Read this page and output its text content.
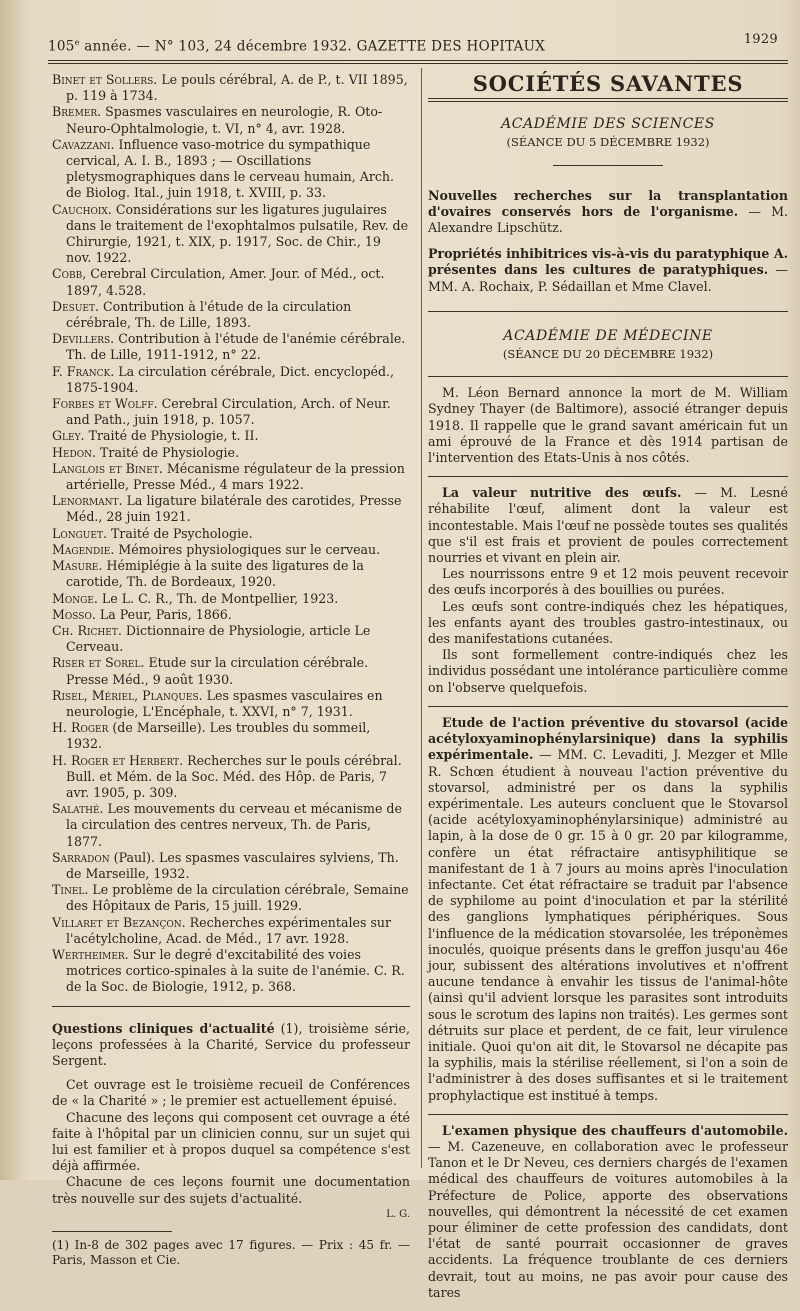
105e année. — N° 103, 24 décembre 1932. GAZETTE DES HOPITAUX	1929

Binet et Sollers. Le pouls cérébral, A. de P., t. VII 1895, p. 119 à 1734.

Bremer. Spasmes vasculaires en neurologie, R. Oto-Neuro-Ophtalmologie, t. VI, n° 4, avr. 1928.

Cavazzani. Influence vaso-motrice du sympathique cervical, A. I. B., 1893 ; — Oscillations pletysmographiques dans le cerveau humain, Arch. de Biolog. Ital., juin 1918, t. XVIII, p. 33.

Cauchoix. Considérations sur les ligatures jugulaires dans le traitement de l'exophtalmos pulsatile, Rev. de Chirurgie, 1921, t. XIX, p. 1917, Soc. de Chir., 19 nov. 1922.

Cobb, Cerebral Circulation, Amer. Jour. of Méd., oct. 1897, 4.528.

Desuet. Contribution à l'étude de la circulation cérébrale, Th. de Lille, 1893.

Devillers. Contribution à l'étude de l'anémie cérébrale. Th. de Lille, 1911-1912, n° 22.

F. Franck. La circulation cérébrale, Dict. encyclopéd., 1875-1904.

Forbes et Wolff. Cerebral Circulation, Arch. of Neur. and Path., juin 1918, p. 1057.

Gley. Traité de Physiologie, t. II.

Hedon. Traité de Physiologie.

Langlois et Binet. Mécanisme régulateur de la pression artérielle, Presse Méd., 4 mars 1922.

Lenormant. La ligature bilatérale des carotides, Presse Méd., 28 juin 1921.

Longuet. Traité de Psychologie.

Magendie. Mémoires physiologiques sur le cerveau.

Masure. Hémiplégie à la suite des ligatures de la carotide, Th. de Bordeaux, 1920.

Monge. Le L. C. R., Th. de Montpellier, 1923.

Mosso. La Peur, Paris, 1866.

Ch. Richet. Dictionnaire de Physiologie, article Le Cerveau.

Riser et Sorel. Etude sur la circulation cérébrale. Presse Méd., 9 août 1930.

Risel, Mériel, Planques. Les spasmes vasculaires en neurologie, L'Encéphale, t. XXVI, n° 7, 1931.

H. Roger (de Marseille). Les troubles du sommeil, 1932.

H. Roger et Herbert. Recherches sur le pouls cérébral. Bull. et Mém. de la Soc. Méd. des Hôp. de Paris, 7 avr. 1905, p. 309.

Salathé. Les mouvements du cerveau et mécanisme de la circulation des centres nerveux, Th. de Paris, 1877.

Sarradon (Paul). Les spasmes vasculaires sylviens, Th. de Marseille, 1932.

Tinel. Le problème de la circulation cérébrale, Semaine des Hôpitaux de Paris, 15 juill. 1929.

Villaret et Bezançon. Recherches expérimentales sur l'acétylcholine, Acad. de Méd., 17 avr. 1928.

Wertheimer. Sur le degré d'excitabilité des voies motrices cortico-spinales à la suite de l'anémie. C. R. de la Soc. de Biologie, 1912, p. 368.

Questions cliniques d'actualité (1), troisième série, leçons professées à la Charité, Service du professeur Sergent.

Cet ouvrage est le troisième recueil de Conférences de « la Charité » ; le premier est actuellement épuisé.

Chacune des leçons qui composent cet ouvrage a été faite à l'hôpital par un clinicien connu, sur un sujet qui lui est familier et à propos duquel sa compétence s'est déjà affirmée.

Chacune de ces leçons fournit une documentation très nouvelle sur des sujets d'actualité.

L. G.

(1) In-8 de 302 pages avec 17 figures. — Prix : 45 fr. — Paris, Masson et Cie.

SOCIÉTÉS SAVANTES
ACADÉMIE DES SCIENCES
(SÉANCE DU 5 DÉCEMBRE 1932)
Nouvelles recherches sur la transplantation d'ovaires conservés hors de l'organisme. — M. Alexandre Lipschütz.
Propriétés inhibitrices vis-à-vis du paratyphique A. présentes dans les cultures de paratyphiques. — MM. A. Rochaix, P. Sédaillan et Mme Clavel.
ACADÉMIE DE MÉDECINE
(SÉANCE DU 20 DÉCEMBRE 1932)

M. Léon Bernard annonce la mort de M. William Sydney Thayer (de Baltimore), associé étranger depuis 1918. Il rappelle que le grand savant américain fut un ami éprouvé de la France et dès 1914 partisan de l'intervention des Etats-Unis à nos côtés.

La valeur nutritive des œufs. — M. Lesné réhabilite l'œuf, aliment dont la valeur est incontestable. Mais l'œuf ne possède toutes ses qualités que s'il est frais et provient de poules correctement nourries et vivant en plein air.

Les nourrissons entre 9 et 12 mois peuvent recevoir des œufs incorporés à des bouillies ou purées.

Les œufs sont contre-indiqués chez les hépatiques, les enfants ayant des troubles gastro-intestinaux, ou des manifestations cutanées.

Ils sont formellement contre-indiqués chez les individus possédant une intolérance particulière comme on l'observe quelquefois.

Etude de l'action préventive du stovarsol (acide acétyloxyaminophénylarsinique) dans la syphilis expérimentale. — MM. C. Levaditi, J. Mezger et Mlle R. Schœn étudient à nouveau l'action préventive du stovarsol, administré per os dans la syphilis expérimentale. Les auteurs concluent que le Stovarsol (acide acétyloxyaminophénylarsinique) administré au lapin, à la dose de 0 gr. 15 à 0 gr. 20 par kilogramme, confère un état réfractaire antisyphilitique se manifestant de 1 à 7 jours au moins après l'inoculation infectante. Cet état réfractaire se traduit par l'absence de syphilome au point d'inoculation et par la stérilité des ganglions lymphatiques périphériques. Sous l'influence de la médication stovarsolée, les tréponèmes inoculés, quoique présents dans le greffon jusqu'au 46e jour, subissent des altérations involutives et n'offrent aucune tendance à envahir les tissus de l'animal-hôte (ainsi qu'il advient lorsque les parasites sont introduits sous le scrotum des lapins non traités). Les germes sont détruits sur place et perdent, de ce fait, leur virulence initiale. Quoi qu'on ait dit, le Stovarsol ne décapite pas la syphilis, mais la stérilise réellement, si l'on a soin de l'administrer à des doses suffisantes et si le traitement prophylactique est institué à temps.

L'examen physique des chauffeurs d'automobile. — M. Cazeneuve, en collaboration avec le professeur Tanon et le Dr Neveu, ces derniers chargés de l'examen médical des chauffeurs de voitures automobiles à la Préfecture de Police, apporte des observations nouvelles, qui démontrent la nécessité de cet examen pour éliminer de cette profession des candidats, dont l'état de santé pourrait occasionner de graves accidents. La fréquence troublante de ces derniers devrait, tout au moins, ne pas avoir pour cause des tares
